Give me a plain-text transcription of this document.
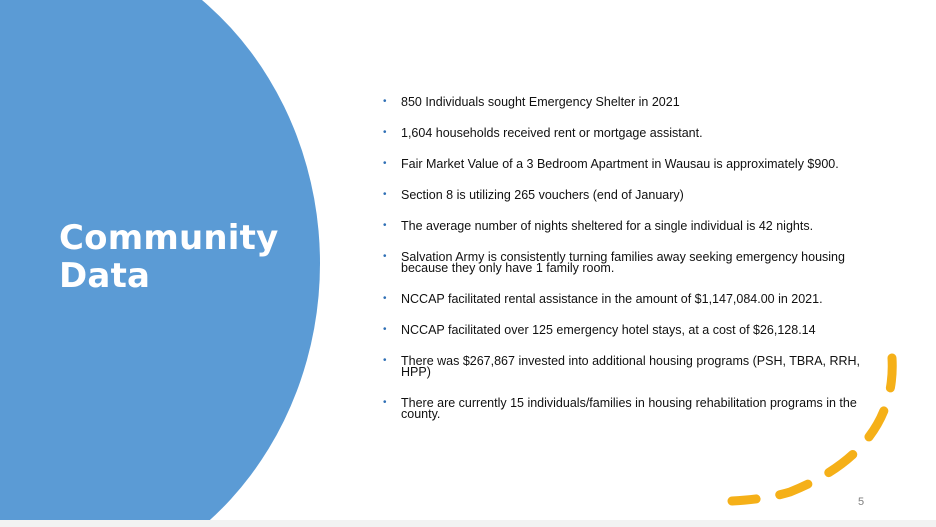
Community
Data
• 850 Individuals sought Emergency Shelter in 2021
• 1,604 households received rent or mortgage assistant.
• Fair Market Value of a 3 Bedroom Apartment in Wausau is approximately $900.
• Section 8 is utilizing 265 vouchers (end of January)
• The average number of nights sheltered for a single individual is 42 nights.
• Salvation Army is consistently turning families away seeking emergency housing because they only have 1 family room.
• NCCAP facilitated rental assistance in the amount of $1,147,084.00 in 2021.
• NCCAP facilitated over 125 emergency hotel stays, at a cost of $26,128.14
• There was $267,867 invested into additional housing programs (PSH, TBRA, RRH, HPP)
• There are currently 15 individuals/families in housing rehabilitation programs in the county.
5
